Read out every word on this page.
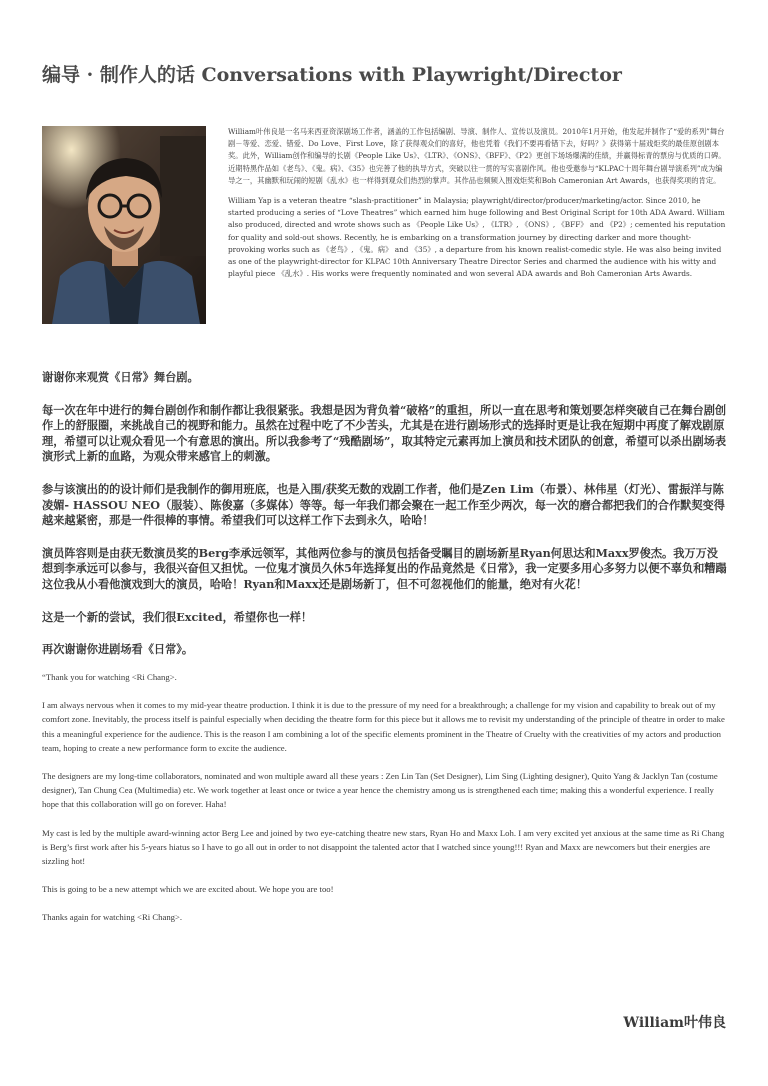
编导 · 制作人的话 Conversations with Playwright/Director

William叶伟良是一名马来西亚资深剧场工作者，涵盖的工作包括编剧、导演、制作人、宣传以及演员。2010年1月开始，他发起并制作了“爱的系列”舞台剧－等爱、恋爱、错爱、Do Love、First Love，除了获得观众们的喜好，他也凭着《我们不要再看错下去，好吗？》获得第十届戏炬奖的最佳原创剧本奖。此外，William创作和编导的长剧《People Like Us》、《LTR》、《ONS》、《BFF》、《P2》更创下场场爆满的佳绩，并赢得标青的票房与优质的口碑。近期特黑作品如《老鸟》、《鬼。病》、《35》也完善了他的执导方式，突破以往一贯的写实喜剧作风。他也受邀参与“KLPAC十周年舞台剧导演系列”成为编导之一，其幽默和玩闹的短剧《乱水》也一样得到观众们热烈的掌声。其作品也频频入围戏炬奖和Boh Cameronian Art Awards，也获得奖项的肯定。

William Yap is a veteran theatre “slash-practitioner” in Malaysia; playwright/director/producer/marketing/actor. Since 2010, he started producing a series of “Love Theatres” which earned him huge following and Best Original Script for 10th ADA Award. William also produced, directed and wrote shows such as 《People Like Us》, 《LTR》, 《ONS》, 《BFF》 and 《P2》; cemented his reputation for quality and sold-out shows. Recently, he is embarking on a transformation journey by directing darker and more thought-provoking works such as 《老鸟》, 《鬼。病》 and 《35》, a departure from his known realist-comedic style. He was also being invited as one of the playwright-director for KLPAC 10th Anniversary Theatre Director Series and charmed the audience with his witty and playful piece 《乱水》. His works were frequently nominated and won several ADA awards and Boh Cameronian Arts Awards.

谢谢你来观赏《日常》舞台剧。

每一次在年中进行的舞台剧创作和制作都让我很紧张。我想是因为背负着“破格”的重担，所以一直在思考和策划要怎样突破自己在舞台剧创作上的舒服圈，来挑战自己的视野和能力。虽然在过程中吃了不少苦头，尤其是在进行剧场形式的选择时更是让我在短期中再度了解戏剧原理，希望可以让观众看见一个有意思的演出。所以我参考了“残酷剧场”，取其特定元素再加上演员和技术团队的创意，希望可以杀出剧场表演形式上新的血路，为观众带来感官上的刺激。

参与该演出的的设计师们是我制作的御用班底，也是入围/获奖无数的戏剧工作者，他们是Zen Lim（布景）、林伟星（灯光）、雷振洋与陈凌媚- HASSOU NEO（服装）、陈俊嘉（多媒体）等等。每一年我们都会聚在一起工作至少两次，每一次的磨合都把我们的合作默契变得越来越紧密，那是一件很棒的事情。希望我们可以这样工作下去到永久，哈哈！

演员阵容则是由获无数演员奖的Berg李承远领军，其他两位参与的演员包括备受瞩目的剧场新星Ryan何思达和Maxx罗俊杰。我万万没想到李承远可以参与，我很兴奋但又担忧。一位鬼才演员久休5年选择复出的作品竟然是《日常》，我一定要多用心多努力以便不辜负和糟蹋这位我从小看他演戏到大的演员，哈哈！Ryan和Maxx还是剧场新丁，但不可忽视他们的能量，绝对有火花！

这是一个新的尝试，我们很Excited，希望你也一样！

再次谢谢你进剧场看《日常》。

“Thank you for watching <Ri Chang>.

I am always nervous when it comes to my mid-year theatre production. I think it is due to the pressure of my need for a breakthrough; a challenge for my vision and capability to break out of my comfort zone. Inevitably, the process itself is painful especially when deciding the theatre form for this piece but it allows me to revisit my understanding of the principle of theatre in order to make this a meaningful experience for the audience. This is the reason I am combining a lot of the specific elements prominent in the Theatre of Cruelty with the creativities of my actors and production team, hoping to create a new performance form to excite the audience.

The designers are my long-time collaborators, nominated and won multiple award all these years : Zen Lin Tan (Set Designer), Lim Sing (Lighting designer), Quito Yang & Jacklyn Tan (costume designer), Tan Chung Cea (Multimedia) etc. We work together at least once or twice a year hence the chemistry among us is strengthened each time; making this a wonderful experience. I really hope that this collaboration will go on forever. Haha!

My cast is led by the multiple award-winning actor Berg Lee and joined by two eye-catching theatre new stars, Ryan Ho and Maxx Loh. I am very excited yet anxious at the same time as Ri Chang is Berg’s first work after his 5-years hiatus so I have to go all out in order to not disappoint the talented actor that I watched since young!!! Ryan and Maxx are newcomers but their energies are sizzling hot!

This is going to be a new attempt which we are excited about. We hope you are too!

Thanks again for watching <Ri Chang>.

William叶伟良
